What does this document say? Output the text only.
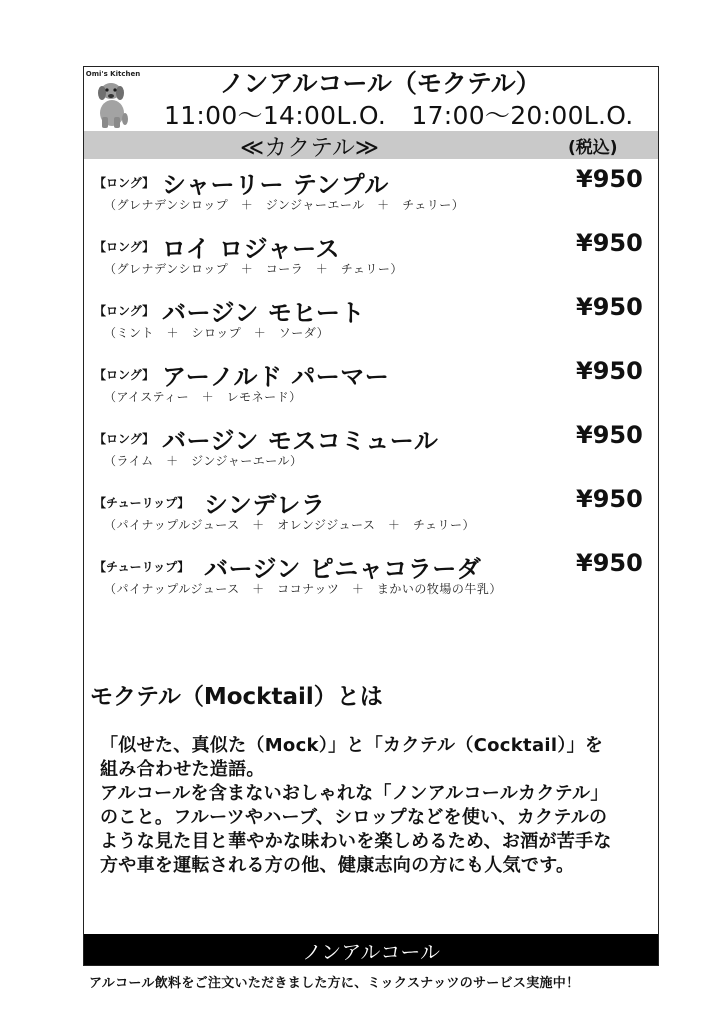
Omi's Kitchen	ノンアルコール（モクテル）
11:00～14:00L.O.　17:00～20:00L.O.
≪カクテル≫	(税込)
【ロング】 シャーリー テンプル	¥950
（グレナデンシロップ　＋　ジンジャーエール　＋　チェリー）
【ロング】 ロイ ロジャース	¥950
（グレナデンシロップ　＋　コーラ　＋　チェリー）
【ロング】 バージン モヒート	¥950
（ミント　＋　シロップ　＋　ソーダ）
【ロング】 アーノルド パーマー	¥950
（アイスティー　＋　レモネード）
【ロング】 バージン モスコミュール	¥950
（ライム　＋　ジンジャーエール）
【チューリップ】 シンデレラ	¥950
（パイナップルジュース　＋　オレンジジュース　＋　チェリー）
【チューリップ】 バージン ピニャコラーダ	¥950
（パイナップルジュース　＋　ココナッツ　＋　まかいの牧場の牛乳）
モクテル（Mocktail）とは
「似せた、真似た（Mock）」と「カクテル（Cocktail）」を
組み合わせた造語。
アルコールを含まないおしゃれな「ノンアルコールカクテル」
のこと。フルーツやハーブ、シロップなどを使い、カクテルの
ような見た目と華やかな味わいを楽しめるため、お酒が苦手な
方や車を運転される方の他、健康志向の方にも人気です。
ノンアルコール
アルコール飲料をご注文いただきました方に、ミックスナッツのサービス実施中！
